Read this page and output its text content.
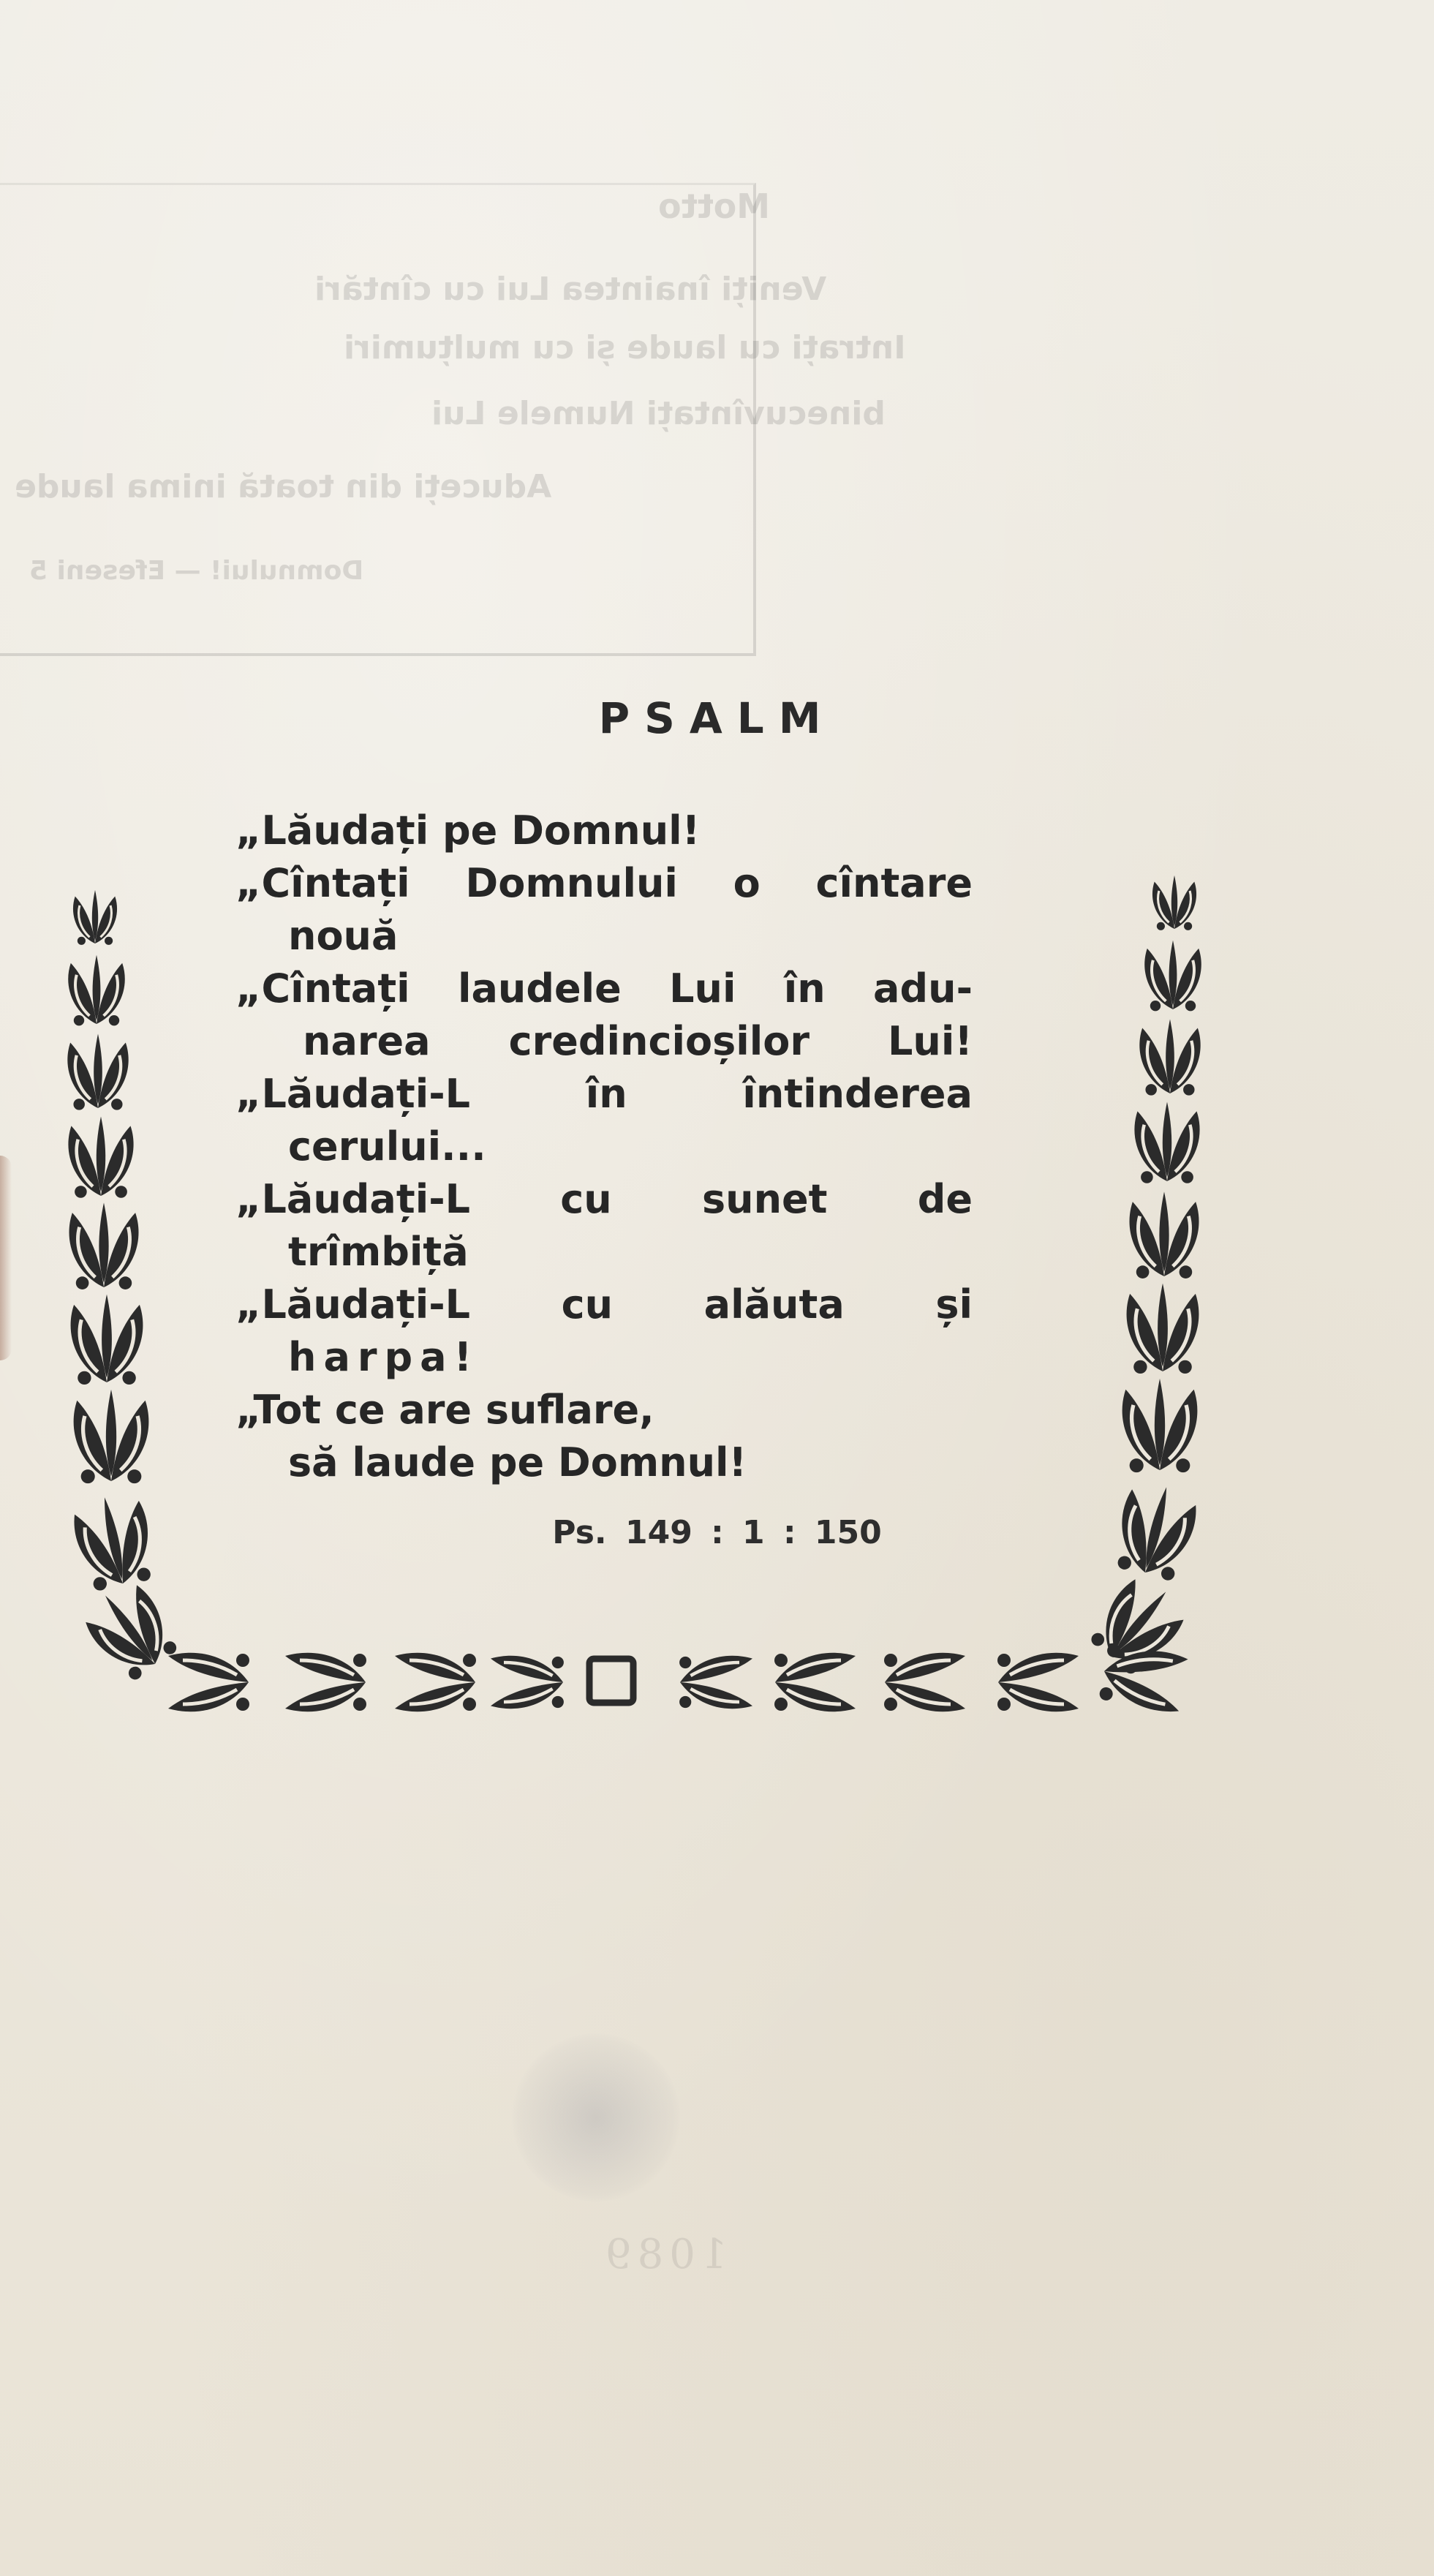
Motto
Veniți înaintea Lui cu cîntări
Intrați cu laude și cu mulțumiri
binecuvîntați Numele Lui
Aduceți din toată inima laude
Domnului! — Efeseni 5
PSALM
„Lăudați pe Domnul!
„Cîntați Domnului o cîntare
nouă
„Cîntați laudele Lui în adu-
narea credincioșilor Lui!
„Lăudați-L în întinderea
cerului...
„Lăudați-L cu sunet de
trîmbiță
„Lăudați-L cu alăuta și
harpa!
„Tot ce are suflare,
să laude pe Domnul!
Ps. 149 : 1 : 150
1089
